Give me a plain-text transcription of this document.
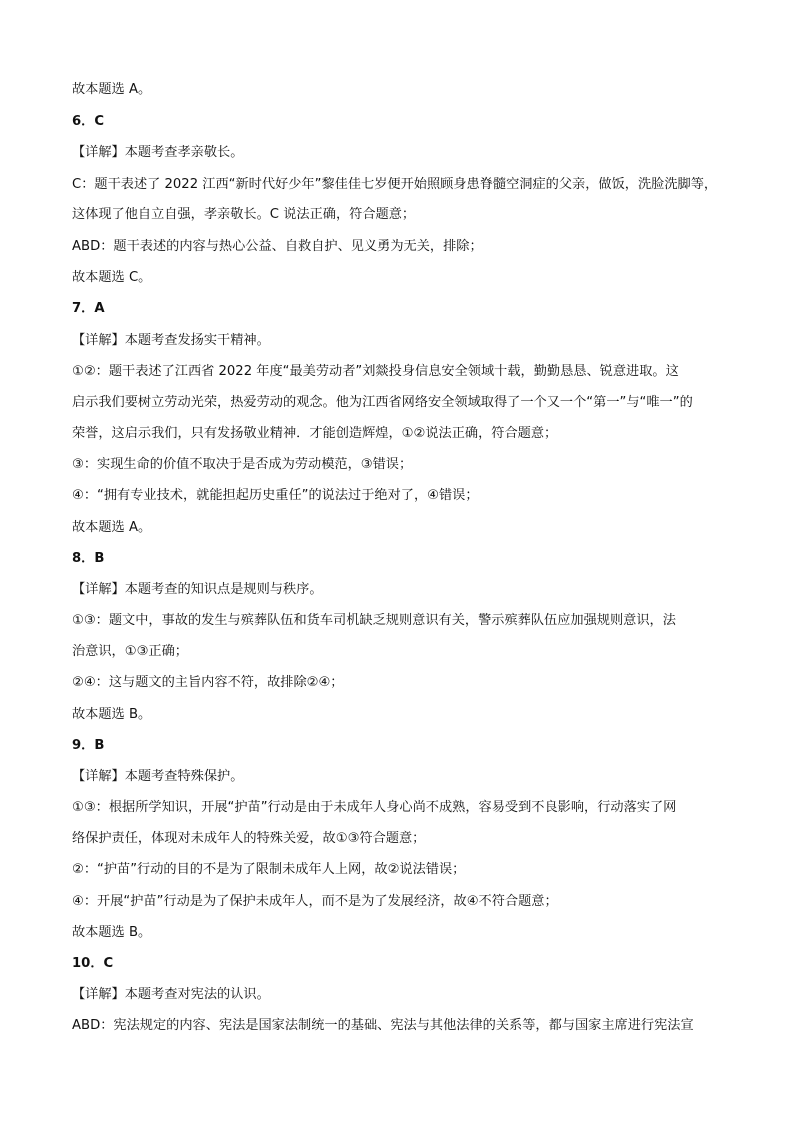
故本题选 A。
6．C
【详解】本题考查孝亲敬长。
C：题干表述了 2022 江西“新时代好少年”黎佳佳七岁便开始照顾身患脊髓空洞症的父亲，做饭，洗脸洗脚等，
这体现了他自立自强，孝亲敬长。C 说法正确，符合题意；
ABD：题干表述的内容与热心公益、自救自护、见义勇为无关，排除；
故本题选 C。
7．A
【详解】本题考查发扬实干精神。
①②：题干表述了江西省 2022 年度“最美劳动者”刘燚投身信息安全领域十载，勤勤恳恳、锐意进取。这
启示我们要树立劳动光荣，热爱劳动的观念。他为江西省网络安全领域取得了一个又一个“第一”与“唯一”的
荣誉，这启示我们，只有发扬敬业精神．才能创造辉煌，①②说法正确，符合题意；
③：实现生命的价值不取决于是否成为劳动模范，③错误；
④：“拥有专业技术，就能担起历史重任”的说法过于绝对了，④错误；
故本题选 A。
8．B
【详解】本题考查的知识点是规则与秩序。
①③：题文中，事故的发生与殡葬队伍和货车司机缺乏规则意识有关，警示殡葬队伍应加强规则意识，法
治意识，①③正确；
②④：这与题文的主旨内容不符，故排除②④；
故本题选 B。
9．B
【详解】本题考查特殊保护。
①③：根据所学知识，开展“护苗”行动是由于未成年人身心尚不成熟，容易受到不良影响，行动落实了网
络保护责任，体现对未成年人的特殊关爱，故①③符合题意；
②：“护苗”行动的目的不是为了限制未成年人上网，故②说法错误；
④：开展“护苗”行动是为了保护未成年人，而不是为了发展经济，故④不符合题意；
故本题选 B。
10．C
【详解】本题考查对宪法的认识。
ABD：宪法规定的内容、宪法是国家法制统一的基础、宪法与其他法律的关系等，都与国家主席进行宪法宣
